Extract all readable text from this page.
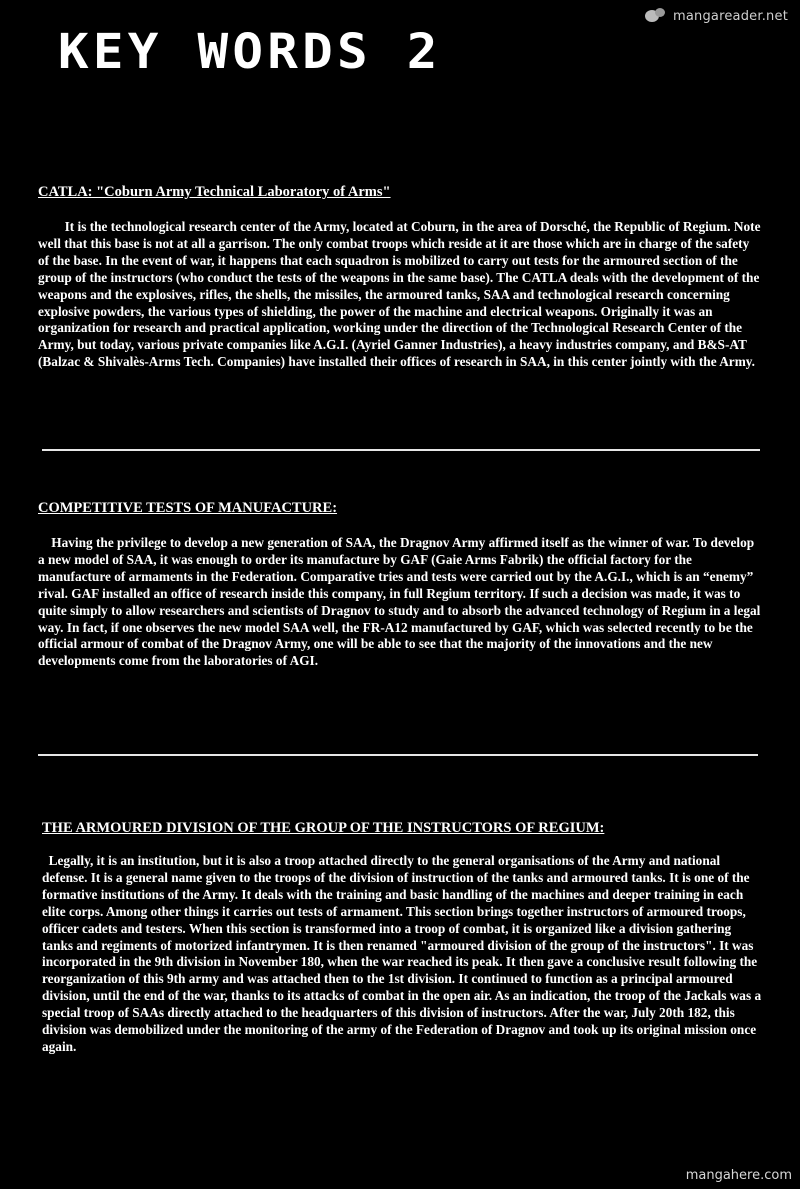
mangareader.net
KEY WORDS 2
CATLA: "Coburn Army Technical Laboratory of Arms"

It is the technological research center of the Army, located at Coburn, in the area of Dorsché, the Republic of Regium. Note well that this base is not at all a garrison. The only combat troops which reside at it are those which are in charge of the safety of the base. In the event of war, it happens that each squadron is mobilized to carry out tests for the armoured section of the group of the instructors (who conduct the tests of the weapons in the same base). The CATLA deals with the development of the weapons and the explosives, rifles, the shells, the missiles, the armoured tanks, SAA and technological research concerning explosive powders, the various types of shielding, the power of the machine and electrical weapons. Originally it was an organization for research and practical application, working under the direction of the Technological Research Center of the Army, but today, various private companies like A.G.I. (Ayriel Ganner Industries), a heavy industries company, and B&S-AT (Balzac & Shivalès-Arms Tech. Companies) have installed their offices of research in SAA, in this center jointly with the Army.

COMPETITIVE TESTS OF MANUFACTURE:

Having the privilege to develop a new generation of SAA, the Dragnov Army affirmed itself as the winner of war. To develop a new model of SAA, it was enough to order its manufacture by GAF (Gaie Arms Fabrik) the official factory for the manufacture of armaments in the Federation. Comparative tries and tests were carried out by the A.G.I., which is an “enemy” rival. GAF installed an office of research inside this company, in full Regium territory. If such a decision was made, it was to quite simply to allow researchers and scientists of Dragnov to study and to absorb the advanced technology of Regium in a legal way. In fact, if one observes the new model SAA well, the FR-A12 manufactured by GAF, which was selected recently to be the official armour of combat of the Dragnov Army, one will be able to see that the majority of the innovations and the new developments come from the laboratories of AGI.

THE ARMOURED DIVISION OF THE GROUP OF THE INSTRUCTORS OF REGIUM:

Legally, it is an institution, but it is also a troop attached directly to the general organisations of the Army and national defense. It is a general name given to the troops of the division of instruction of the tanks and armoured tanks. It is one of the formative institutions of the Army. It deals with the training and basic handling of the machines and deeper training in each elite corps. Among other things it carries out tests of armament. This section brings together instructors of armoured troops, officer cadets and testers. When this section is transformed into a troop of combat, it is organized like a division gathering tanks and regiments of motorized infantrymen. It is then renamed "armoured division of the group of the instructors". It was incorporated in the 9th division in November 180, when the war reached its peak. It then gave a conclusive result following the reorganization of this 9th army and was attached then to the 1st division. It continued to function as a principal armoured division, until the end of the war, thanks to its attacks of combat in the open air. As an indication, the troop of the Jackals was a special troop of SAAs directly attached to the headquarters of this division of instructors. After the war, July 20th 182, this division was demobilized under the monitoring of the army of the Federation of Dragnov and took up its original mission once again.

mangahere.com
